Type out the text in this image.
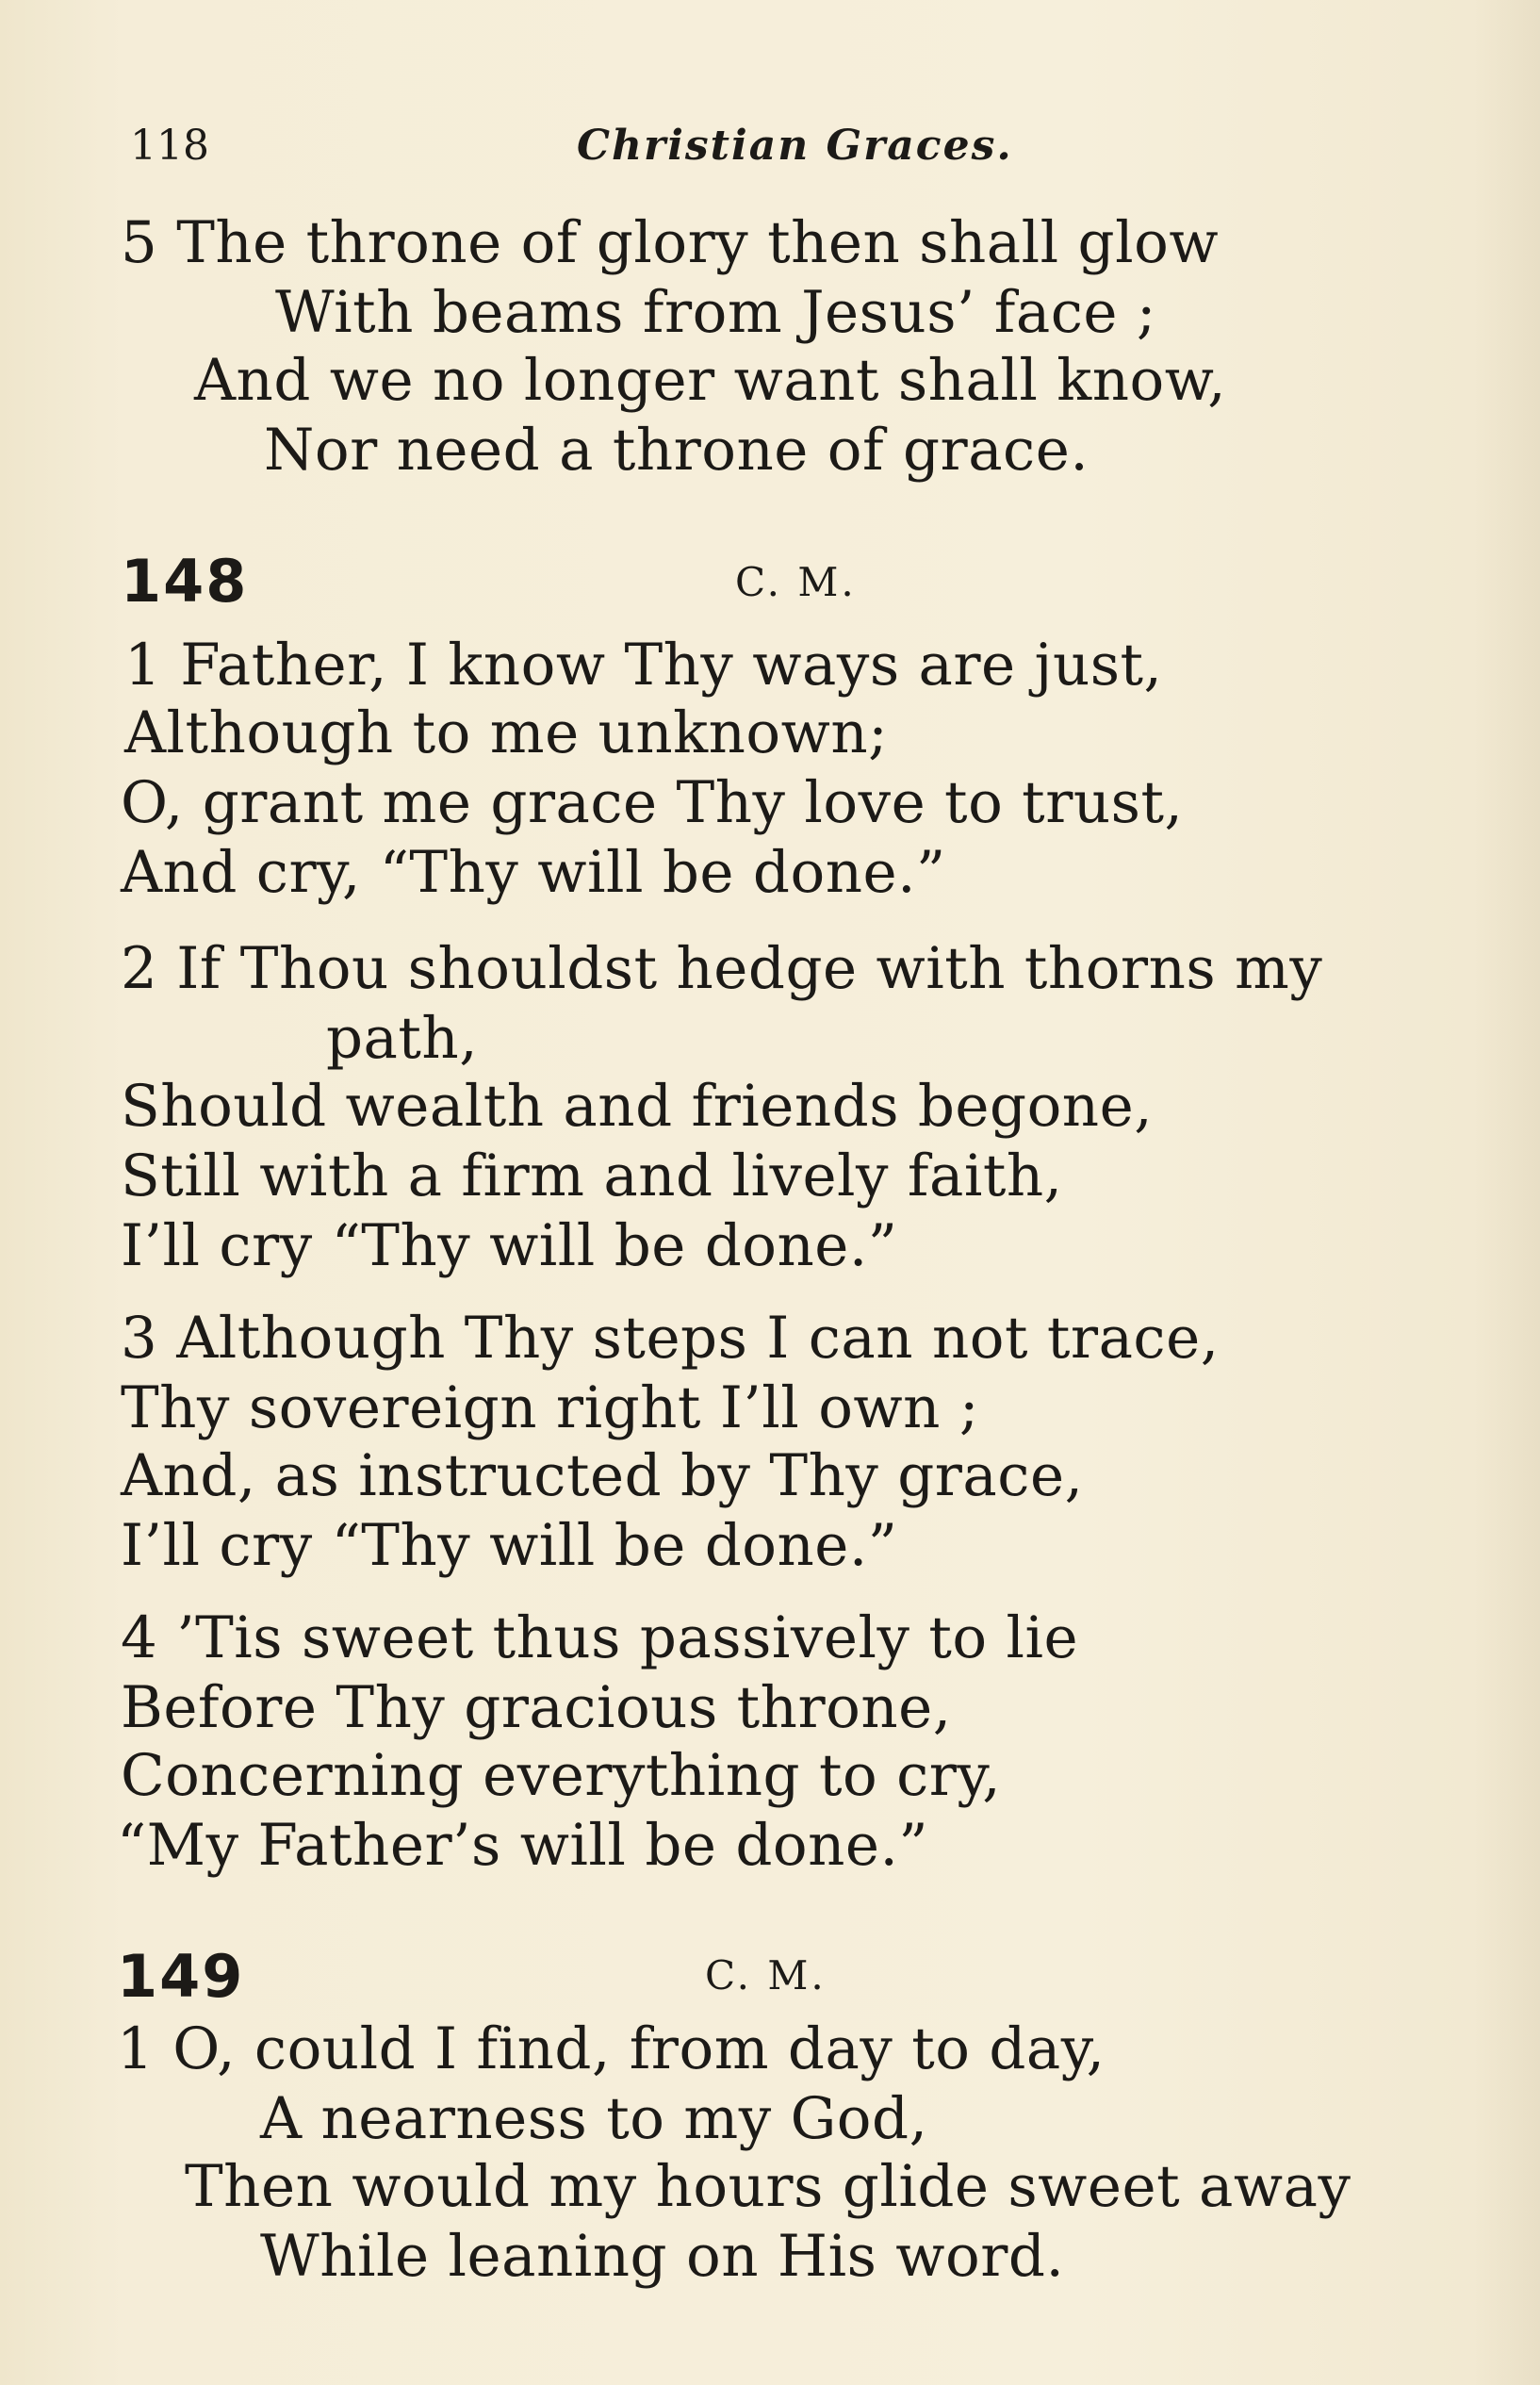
118	Christian Graces.
5 The throne of glory then shall glow
With beams from Jesus’ face ;
And we no longer want shall know,
Nor need a throne of grace.
148	C. M.
1 Father, I know Thy ways are just,
Although to me unknown;
O, grant me grace Thy love to trust,
And cry, “Thy will be done.”
2 If Thou shouldst hedge with thorns my
path,
Should wealth and friends begone,
Still with a firm and lively faith,
I’ll cry “Thy will be done.”
3 Although Thy steps I can not trace,
Thy sovereign right I’ll own ;
And, as instructed by Thy grace,
I’ll cry “Thy will be done.”
4 ’Tis sweet thus passively to lie
Before Thy gracious throne,
Concerning everything to cry,
“My Father’s will be done.”
149	C. M.
1 O, could I find, from day to day,
A nearness to my God,
Then would my hours glide sweet away
While leaning on His word.
